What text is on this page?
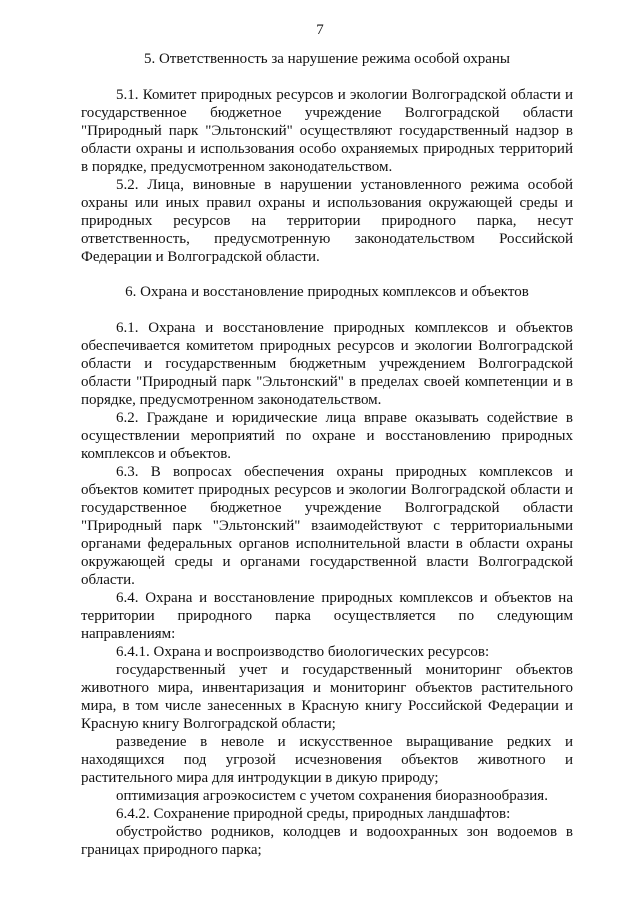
7
5. Ответственность за нарушение режима особой охраны

5.1. Комитет природных ресурсов и экологии Волгоградской области и государственное бюджетное учреждение Волгоградской области "Природный парк "Эльтонский" осуществляют государственный надзор в области охраны и использования особо охраняемых природных территорий в порядке, предусмотренном законодательством.

5.2. Лица, виновные в нарушении установленного режима особой охраны или иных правил охраны и использования окружающей среды и природных ресурсов на территории природного парка, несут ответственность, предусмотренную законодательством Российской Федерации и Волгоградской области.

6. Охрана и восстановление природных комплексов и объектов

6.1. Охрана и восстановление природных комплексов и объектов обеспечивается комитетом природных ресурсов и экологии Волгоградской области и государственным бюджетным учреждением Волгоградской области "Природный парк "Эльтонский" в пределах своей компетенции и в порядке, предусмотренном законодательством.

6.2. Граждане и юридические лица вправе оказывать содействие в осуществлении мероприятий по охране и восстановлению природных комплексов и объектов.

6.3. В вопросах обеспечения охраны природных комплексов и объектов комитет природных ресурсов и экологии Волгоградской области и государственное бюджетное учреждение Волгоградской области "Природный парк "Эльтонский" взаимодействуют с территориальными органами федеральных органов исполнительной власти в области охраны окружающей среды и органами государственной власти Волгоградской области.

6.4. Охрана и восстановление природных комплексов и объектов на территории природного парка осуществляется по следующим направлениям:

6.4.1. Охрана и воспроизводство биологических ресурсов:

государственный учет и государственный мониторинг объектов животного мира, инвентаризация и мониторинг объектов растительного мира, в том числе занесенных в Красную книгу Российской Федерации и Красную книгу Волгоградской области;

разведение в неволе и искусственное выращивание редких и находящихся под угрозой исчезновения объектов животного и растительного мира для интродукции в дикую природу;

оптимизация агроэкосистем с учетом сохранения биоразнообразия.

6.4.2. Сохранение природной среды, природных ландшафтов:

обустройство родников, колодцев и водоохранных зон водоемов в границах природного парка;
